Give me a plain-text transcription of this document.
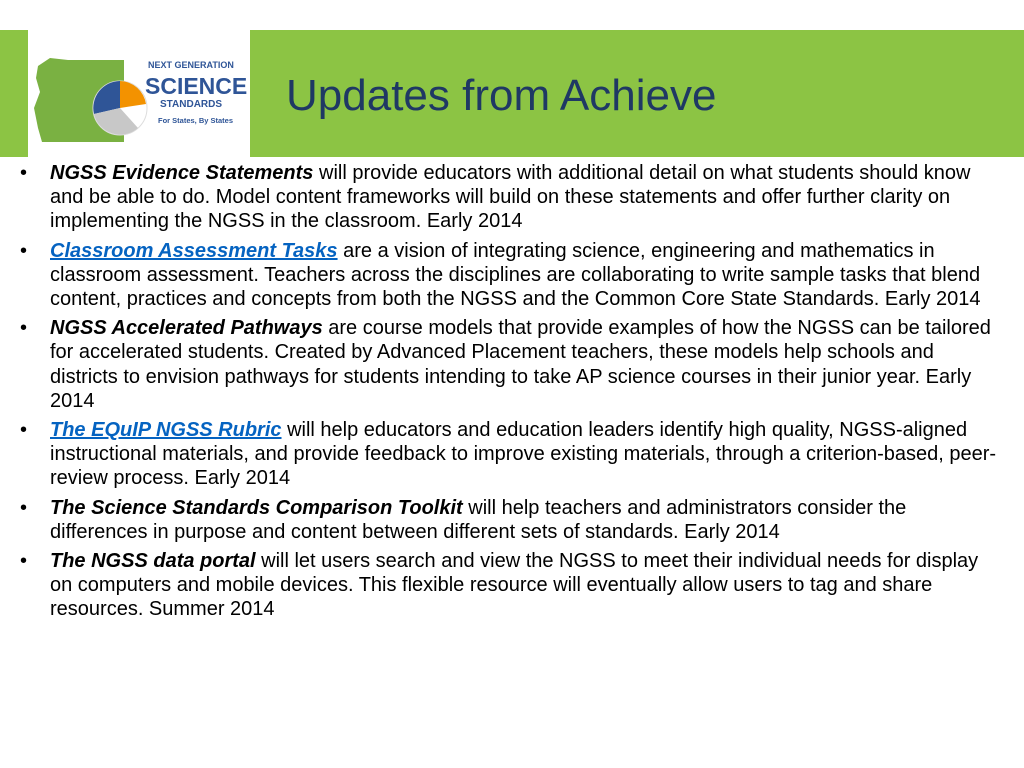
NEXT GENERATION
SCIENCE
STANDARDS
For States, By States
Updates from Achieve
•	NGSS Evidence Statements will provide educators with additional detail on what students should know and be able to do. Model content frameworks will build on these statements and offer further clarity on implementing the NGSS in the classroom. Early 2014
•	Classroom Assessment Tasks are a vision of integrating science, engineering and mathematics in classroom assessment. Teachers across the disciplines are collaborating to write sample tasks that blend content, practices and concepts from both the NGSS and the Common Core State Standards. Early 2014
•	NGSS Accelerated Pathways are course models that provide examples of how the NGSS can be tailored for accelerated students. Created by Advanced Placement teachers, these models help schools and districts to envision pathways for students intending to take AP science courses in their junior year. Early 2014
•	The EQuIP NGSS Rubric will help educators and education leaders identify high quality, NGSS-aligned instructional materials, and provide feedback to improve existing materials, through a criterion-based, peer-review process. Early 2014
•	The Science Standards Comparison Toolkit will help teachers and administrators consider the differences in purpose and content between different sets of standards. Early 2014
•	The NGSS data portal will let users search and view the NGSS to meet their individual needs for display on computers and mobile devices. This flexible resource will eventually allow users to tag and share resources. Summer 2014
